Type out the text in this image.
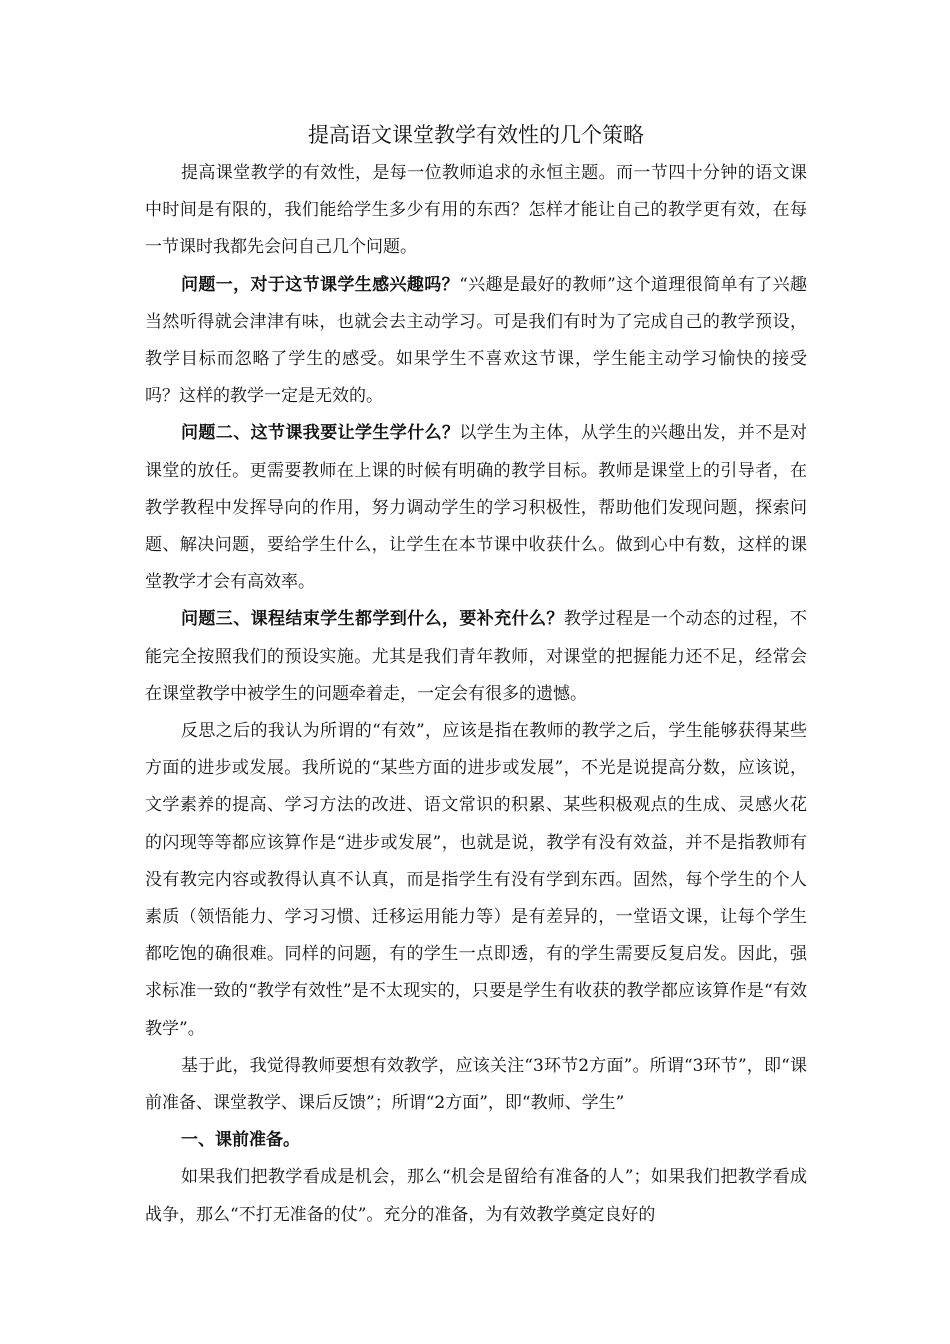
提高语文课堂教学有效性的几个策略

提高课堂教学的有效性，是每一位教师追求的永恒主题。而一节四十分钟的语文课中时间是有限的，我们能给学生多少有用的东西？怎样才能让自己的教学更有效，在每一节课时我都先会问自己几个问题。

问题一，对于这节课学生感兴趣吗？“兴趣是最好的教师”这个道理很简单有了兴趣当然听得就会津津有味，也就会去主动学习。可是我们有时为了完成自己的教学预设，教学目标而忽略了学生的感受。如果学生不喜欢这节课，学生能主动学习愉快的接受吗？这样的教学一定是无效的。

问题二、这节课我要让学生学什么？以学生为主体，从学生的兴趣出发，并不是对课堂的放任。更需要教师在上课的时候有明确的教学目标。教师是课堂上的引导者，在教学教程中发挥导向的作用，努力调动学生的学习积极性，帮助他们发现问题，探索问题、解决问题，要给学生什么，让学生在本节课中收获什么。做到心中有数，这样的课堂教学才会有高效率。

问题三、课程结束学生都学到什么，要补充什么？教学过程是一个动态的过程，不能完全按照我们的预设实施。尤其是我们青年教师，对课堂的把握能力还不足，经常会在课堂教学中被学生的问题牵着走，一定会有很多的遗憾。

反思之后的我认为所谓的“有效”，应该是指在教师的教学之后，学生能够获得某些方面的进步或发展。我所说的“某些方面的进步或发展”，不光是说提高分数，应该说，文学素养的提高、学习方法的改进、语文常识的积累、某些积极观点的生成、灵感火花的闪现等等都应该算作是“进步或发展”，也就是说，教学有没有效益，并不是指教师有没有教完内容或教得认真不认真，而是指学生有没有学到东西。固然，每个学生的个人素质（领悟能力、学习习惯、迁移运用能力等）是有差异的，一堂语文课，让每个学生都吃饱的确很难。同样的问题，有的学生一点即透，有的学生需要反复启发。因此，强求标准一致的“教学有效性”是不太现实的，只要是学生有收获的教学都应该算作是“有效教学”。

基于此，我觉得教师要想有效教学，应该关注“3环节2方面”。所谓“3环节”，即“课前准备、课堂教学、课后反馈”；所谓“2方面”，即“教师、学生”

一、课前准备。

如果我们把教学看成是机会，那么“机会是留给有准备的人”；如果我们把教学看成战争，那么“不打无准备的仗”。充分的准备，为有效教学奠定良好的
